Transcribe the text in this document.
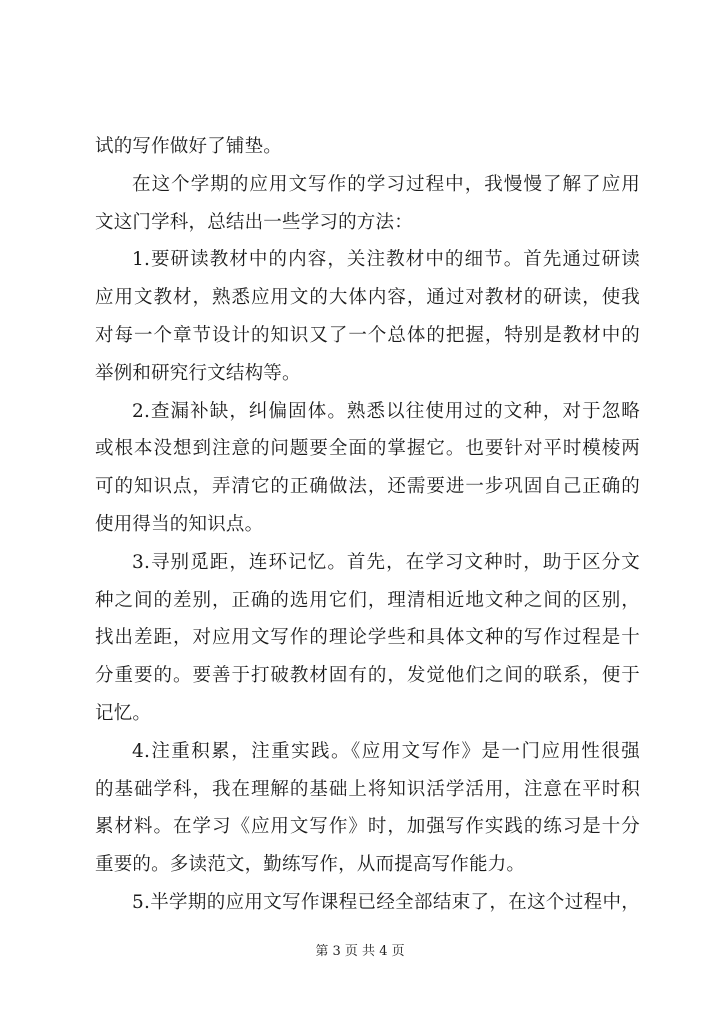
试的写作做好了铺垫。
在这个学期的应用文写作的学习过程中，我慢慢了解了应用
文这门学科，总结出一些学习的方法：
1.要研读教材中的内容，关注教材中的细节。首先通过研读
应用文教材，熟悉应用文的大体内容，通过对教材的研读，使我
对每一个章节设计的知识又了一个总体的把握，特别是教材中的
举例和研究行文结构等。
2.查漏补缺，纠偏固体。熟悉以往使用过的文种，对于忽略
或根本没想到注意的问题要全面的掌握它。也要针对平时模棱两
可的知识点，弄清它的正确做法，还需要进一步巩固自己正确的
使用得当的知识点。
3.寻别觅距，连环记忆。首先，在学习文种时，助于区分文
种之间的差别，正确的选用它们，理清相近地文种之间的区别，
找出差距，对应用文写作的理论学些和具体文种的写作过程是十
分重要的。要善于打破教材固有的，发觉他们之间的联系，便于
记忆。
4.注重积累，注重实践。《应用文写作》是一门应用性很强
的基础学科，我在理解的基础上将知识活学活用，注意在平时积
累材料。在学习《应用文写作》时，加强写作实践的练习是十分
重要的。多读范文，勤练写作，从而提高写作能力。
5.半学期的应用文写作课程已经全部结束了，在这个过程中，
第 3 页 共 4 页
